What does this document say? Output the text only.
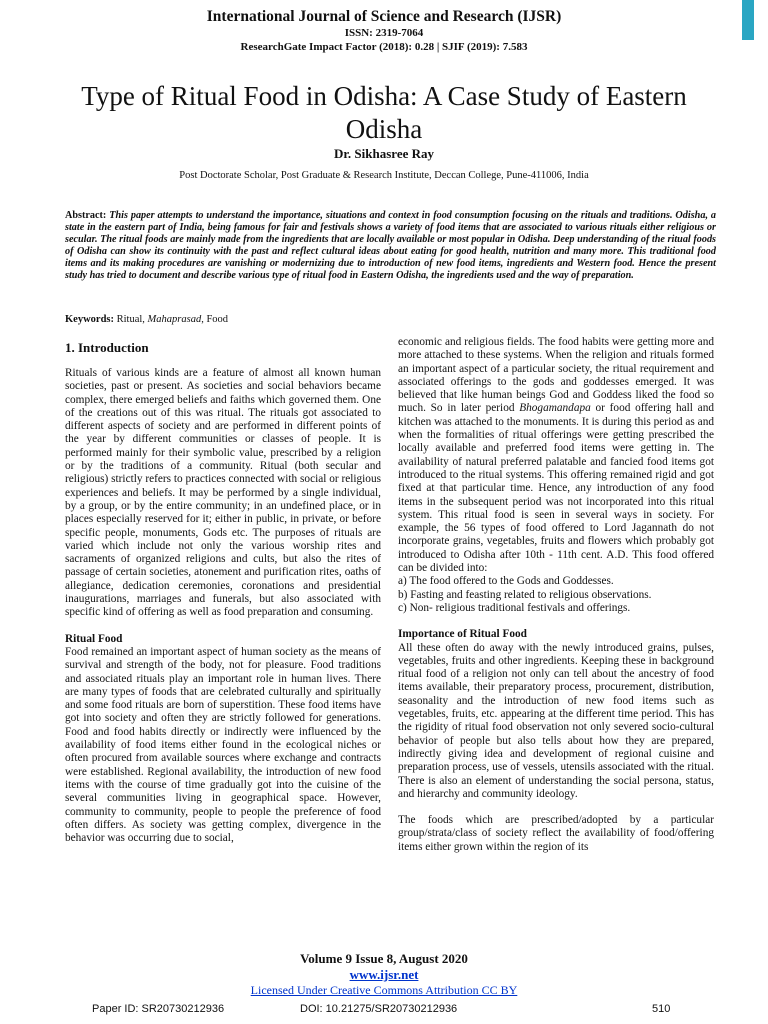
International Journal of Science and Research (IJSR)
ISSN: 2319-7064
ResearchGate Impact Factor (2018): 0.28 | SJIF (2019): 7.583
Type of Ritual Food in Odisha: A Case Study of Eastern Odisha
Dr. Sikhasree Ray
Post Doctorate Scholar, Post Graduate & Research Institute, Deccan College, Pune-411006, India
Abstract: This paper attempts to understand the importance, situations and context in food consumption focusing on the rituals and traditions. Odisha, a state in the eastern part of India, being famous for fair and festivals shows a variety of food items that are associated to various rituals either religious or secular. The ritual foods are mainly made from the ingredients that are locally available or most popular in Odisha. Deep understanding of the ritual foods of Odisha can show its continuity with the past and reflect cultural ideas about eating for good health, nutrition and many more. This traditional food items and its making procedures are vanishing or modernizing due to introduction of new food items, ingredients and Western food. Hence the present study has tried to document and describe various type of ritual food in Eastern Odisha, the ingredients used and the way of preparation.
Keywords: Ritual, Mahaprasad, Food
1. Introduction

Rituals of various kinds are a feature of almost all known human societies, past or present. As societies and social behaviors became complex, there emerged beliefs and faiths which governed them. One of the creations out of this was ritual. The rituals got associated to different aspects of society and are performed in different points of the year by different communities or classes of people. It is performed mainly for their symbolic value, prescribed by a religion or by the traditions of a community. Ritual (both secular and religious) strictly refers to practices connected with social or religious experiences and beliefs. It may be performed by a single individual, by a group, or by the entire community; in an undefined place, or in places especially reserved for it; either in public, in private, or before specific people, monuments, Gods etc. The purposes of rituals are varied which include not only the various worship rites and sacraments of organized religions and cults, but also the rites of passage of certain societies, atonement and purification rites, oaths of allegiance, dedication ceremonies, coronations and presidential inaugurations, marriages and funerals, but also associated with specific kind of offering as well as food preparation and consuming.

Ritual Food

Food remained an important aspect of human society as the means of survival and strength of the body, not for pleasure. Food traditions and associated rituals play an important role in human lives. There are many types of foods that are celebrated culturally and spiritually and some food rituals are born of superstition. These food items have got into society and often they are strictly followed for generations. Food and food habits directly or indirectly were influenced by the availability of food items either found in the ecological niches or often procured from available sources where exchange and contracts were established. Regional availability, the introduction of new food items with the course of time gradually got into the cuisine of the several communities living in geographical space. However, community to community, people to people the preference of food often differs. As society was getting complex, divergence in the behavior was occurring due to social,

economic and religious fields. The food habits were getting more and more attached to these systems. When the religion and rituals formed an important aspect of a particular society, the ritual requirement and associated offerings to the gods and goddesses emerged. It was believed that like human beings God and Goddess liked the food so much. So in later period Bhogamandapa or food offering hall and kitchen was attached to the monuments. It is during this period as and when the formalities of ritual offerings were getting prescribed the locally available and preferred food items were getting in. The availability of natural preferred palatable and fancied food items got introduced to the ritual systems. This offering remained rigid and got fixed at that particular time. Hence, any introduction of any food items in the subsequent period was not incorporated into this ritual system. This ritual food is seen in several ways in society. For example, the 56 types of food offered to Lord Jagannath do not incorporate grains, vegetables, fruits and flowers which probably got introduced to Odisha after 10th - 11th cent. A.D. This food offered can be divided into:

a) The food offered to the Gods and Goddesses.

b) Fasting and feasting related to religious observations.

c) Non- religious traditional festivals and offerings.

Importance of Ritual Food

All these often do away with the newly introduced grains, pulses, vegetables, fruits and other ingredients. Keeping these in background ritual food of a religion not only can tell about the ancestry of food items available, their preparatory process, procurement, distribution, seasonality and the introduction of new food items such as vegetables, fruits, etc. appearing at the different time period. This has the rigidity of ritual food observation not only severed socio-cultural behavior of people but also tells about how they are prepared, indirectly giving idea and development of regional cuisine and preparation process, use of vessels, utensils associated with the ritual. There is also an element of understanding the social persona, status, and hierarchy and community ideology.

The foods which are prescribed/adopted by a particular group/strata/class of society reflect the availability of food/offering items either grown within the region of its

Volume 9 Issue 8, August 2020
www.ijsr.net
Licensed Under Creative Commons Attribution CC BY
Paper ID: SR20730212936	DOI: 10.21275/SR20730212936	510
